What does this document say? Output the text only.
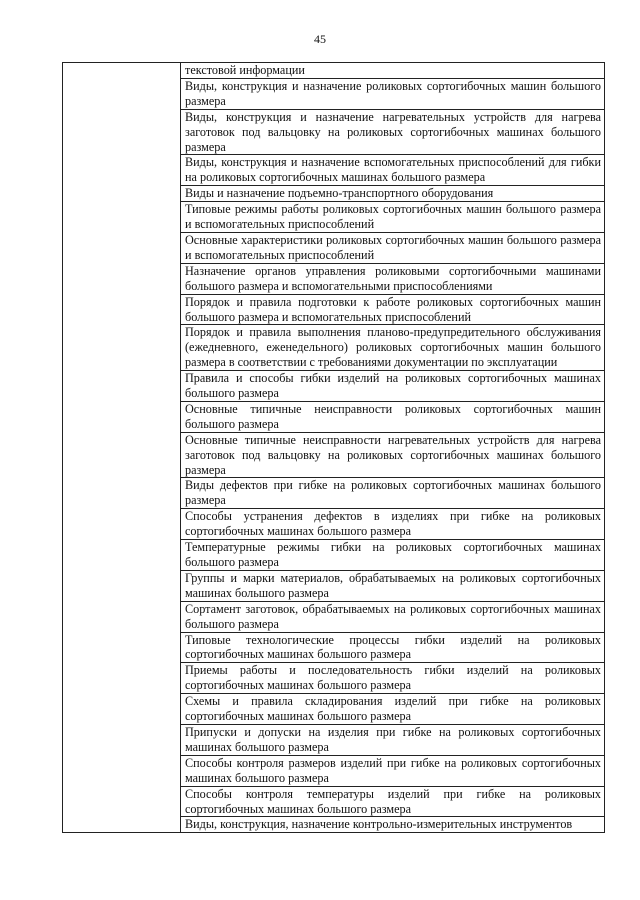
45

текстовой информации

Виды, конструкция и назначение роликовых сортогибочных машин большого размера

Виды, конструкция и назначение нагревательных устройств для нагрева заготовок под вальцовку на роликовых сортогибочных машинах большого размера

Виды, конструкция и назначение вспомогательных приспособлений для гибки на роликовых сортогибочных машинах большого размера

Виды и назначение подъемно-транспортного оборудования

Типовые режимы работы роликовых сортогибочных машин большого размера и вспомогательных приспособлений

Основные характеристики роликовых сортогибочных машин большого размера и вспомогательных приспособлений

Назначение органов управления роликовыми сортогибочными машинами большого размера и вспомогательными приспособлениями

Порядок и правила подготовки к работе роликовых сортогибочных машин большого размера и вспомогательных приспособлений

Порядок и правила выполнения планово-предупредительного обслуживания (ежедневного, еженедельного) роликовых сортогибочных машин большого размера в соответствии с требованиями документации по эксплуатации

Правила и способы гибки изделий на роликовых сортогибочных машинах большого размера

Основные типичные неисправности роликовых сортогибочных машин большого размера

Основные типичные неисправности нагревательных устройств для нагрева заготовок под вальцовку на роликовых сортогибочных машинах большого размера

Виды дефектов при гибке на роликовых сортогибочных машинах большого размера

Способы устранения дефектов в изделиях при гибке на роликовых сортогибочных машинах большого размера

Температурные режимы гибки на роликовых сортогибочных машинах большого размера

Группы и марки материалов, обрабатываемых на роликовых сортогибочных машинах большого размера

Сортамент заготовок, обрабатываемых на роликовых сортогибочных машинах большого размера

Типовые технологические процессы гибки изделий на роликовых сортогибочных машинах большого размера

Приемы работы и последовательность гибки изделий на роликовых сортогибочных машинах большого размера

Схемы и правила складирования изделий при гибке на роликовых сортогибочных машинах большого размера

Припуски и допуски на изделия при гибке на роликовых сортогибочных машинах большого размера

Способы контроля размеров изделий при гибке на роликовых сортогибочных машинах большого размера

Способы контроля температуры изделий при гибке на роликовых сортогибочных машинах большого размера

Виды, конструкция, назначение контрольно-измерительных инструментов
